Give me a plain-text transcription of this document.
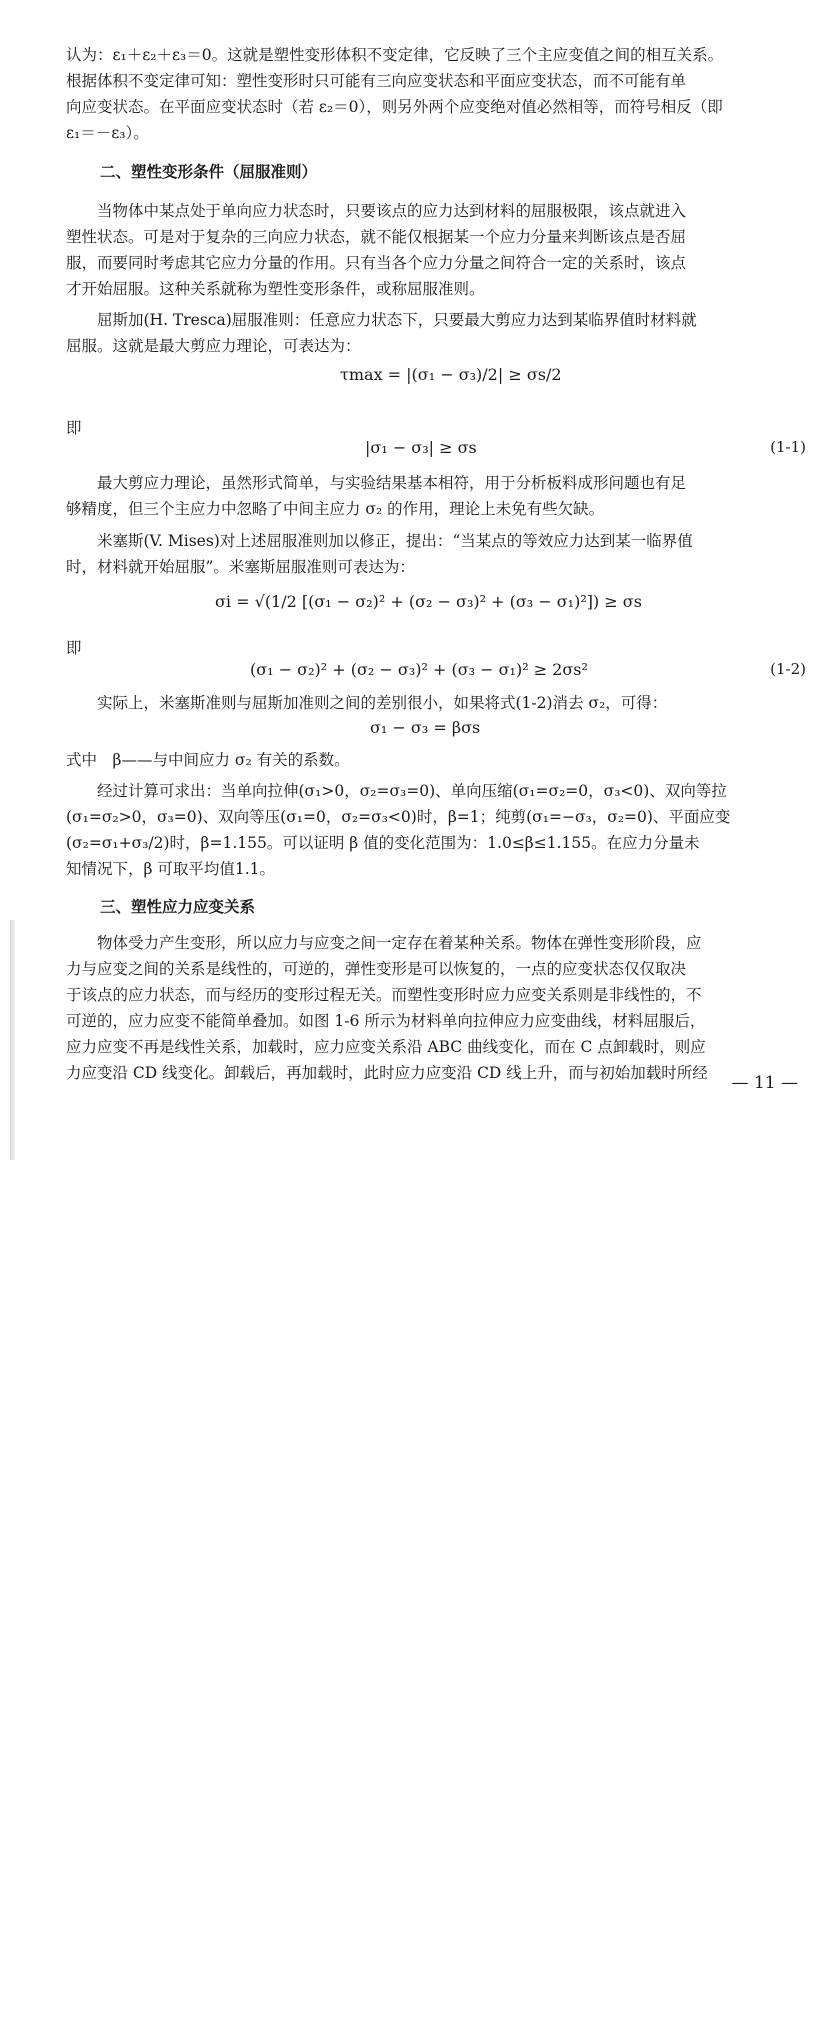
认为：ε₁＋ε₂＋ε₃＝0。这就是塑性变形体积不变定律，它反映了三个主应变值之间的相互关系。

根据体积不变定律可知：塑性变形时只可能有三向应变状态和平面应变状态，而不可能有单

向应变状态。在平面应变状态时（若 ε₂＝0），则另外两个应变绝对值必然相等，而符号相反（即

ε₁＝－ε₃）。

二、塑性变形条件（屈服准则）

当物体中某点处于单向应力状态时，只要该点的应力达到材料的屈服极限，该点就进入

塑性状态。可是对于复杂的三向应力状态，就不能仅根据某一个应力分量来判断该点是否屈

服，而要同时考虑其它应力分量的作用。只有当各个应力分量之间符合一定的关系时，该点

才开始屈服。这种关系就称为塑性变形条件，或称屈服准则。

屈斯加(H. Tresca)屈服准则：任意应力状态下，只要最大剪应力达到某临界值时材料就

屈服。这就是最大剪应力理论，可表达为：

τmax = |(σ₁ − σ₃)/2| ≥ σs/2
即
|σ₁ − σ₃| ≥ σs	(1-1)

最大剪应力理论，虽然形式简单，与实验结果基本相符，用于分析板料成形问题也有足

够精度，但三个主应力中忽略了中间主应力 σ₂ 的作用，理论上未免有些欠缺。

米塞斯(V. Mises)对上述屈服准则加以修正，提出：“当某点的等效应力达到某一临界值

时，材料就开始屈服”。米塞斯屈服准则可表达为：

σi = √(1/2 [(σ₁ − σ₂)² + (σ₂ − σ₃)² + (σ₃ − σ₁)²]) ≥ σs
即
(σ₁ − σ₂)² + (σ₂ − σ₃)² + (σ₃ − σ₁)² ≥ 2σs²	(1-2)

实际上，米塞斯准则与屈斯加准则之间的差别很小，如果将式(1-2)消去 σ₂，可得：

σ₁ − σ₃ = βσs
式中　β——与中间应力 σ₂ 有关的系数。

经过计算可求出：当单向拉伸(σ₁>0，σ₂=σ₃=0)、单向压缩(σ₁=σ₂=0，σ₃<0)、双向等拉

(σ₁=σ₂>0，σ₃=0)、双向等压(σ₁=0，σ₂=σ₃<0)时，β=1；纯剪(σ₁=−σ₃，σ₂=0)、平面应变

(σ₂=σ₁+σ₃/2)时，β=1.155。可以证明 β 值的变化范围为：1.0≤β≤1.155。在应力分量未

知情况下，β 可取平均值1.1。

三、塑性应力应变关系

物体受力产生变形，所以应力与应变之间一定存在着某种关系。物体在弹性变形阶段，应

力与应变之间的关系是线性的，可逆的，弹性变形是可以恢复的，一点的应变状态仅仅取决

于该点的应力状态，而与经历的变形过程无关。而塑性变形时应力应变关系则是非线性的，不

可逆的，应力应变不能简单叠加。如图 1-6 所示为材料单向拉伸应力应变曲线，材料屈服后，

应力应变不再是线性关系，加载时，应力应变关系沿 ABC 曲线变化，而在 C 点卸载时，则应

力应变沿 CD 线变化。卸载后，再加载时，此时应力应变沿 CD 线上升，而与初始加载时所经	— 11 —
